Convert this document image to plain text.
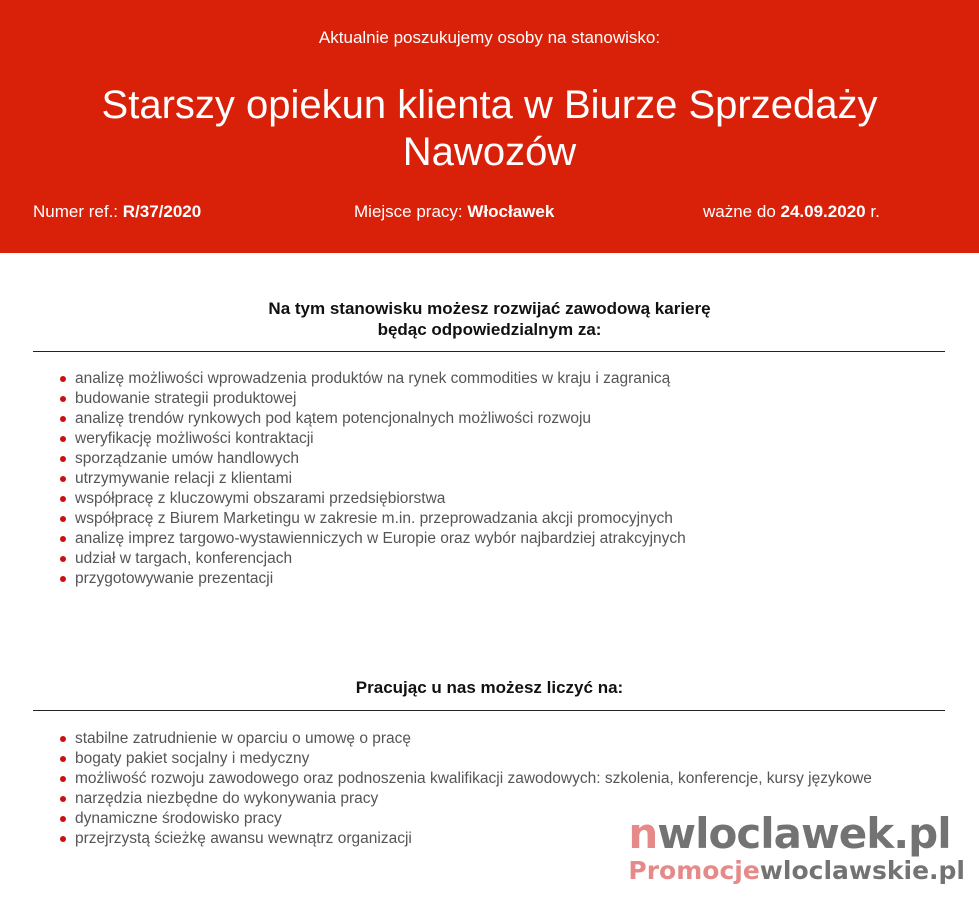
Aktualnie poszukujemy osoby na stanowisko:
Starszy opiekun klienta w Biurze Sprzedaży Nawozów
Numer ref.: R/37/2020	Miejsce pracy: Włocławek	ważne do 24.09.2020 r.
Na tym stanowisku możesz rozwijać zawodową karierę
będąc odpowiedzialnym za:
analizę możliwości wprowadzenia produktów na rynek commodities w kraju i zagranicą
budowanie strategii produktowej
analizę trendów rynkowych pod kątem potencjonalnych możliwości rozwoju
weryfikację możliwości kontraktacji
sporządzanie umów handlowych
utrzymywanie relacji z klientami
współpracę z kluczowymi obszarami przedsiębiorstwa
współpracę z Biurem Marketingu w zakresie m.in. przeprowadzania akcji promocyjnych
analizę imprez targowo-wystawienniczych w Europie oraz wybór najbardziej atrakcyjnych
udział w targach, konferencjach
przygotowywanie prezentacji
Pracując u nas możesz liczyć na:
stabilne zatrudnienie w oparciu o umowę o pracę
bogaty pakiet socjalny i medyczny
możliwość rozwoju zawodowego oraz podnoszenia kwalifikacji zawodowych: szkolenia, konferencje, kursy językowe
narzędzia niezbędne do wykonywania pracy
dynamiczne środowisko pracy
przejrzystą ścieżkę awansu wewnątrz organizacji	nwloclawek.pl
Promocjewloclawskie.pl
